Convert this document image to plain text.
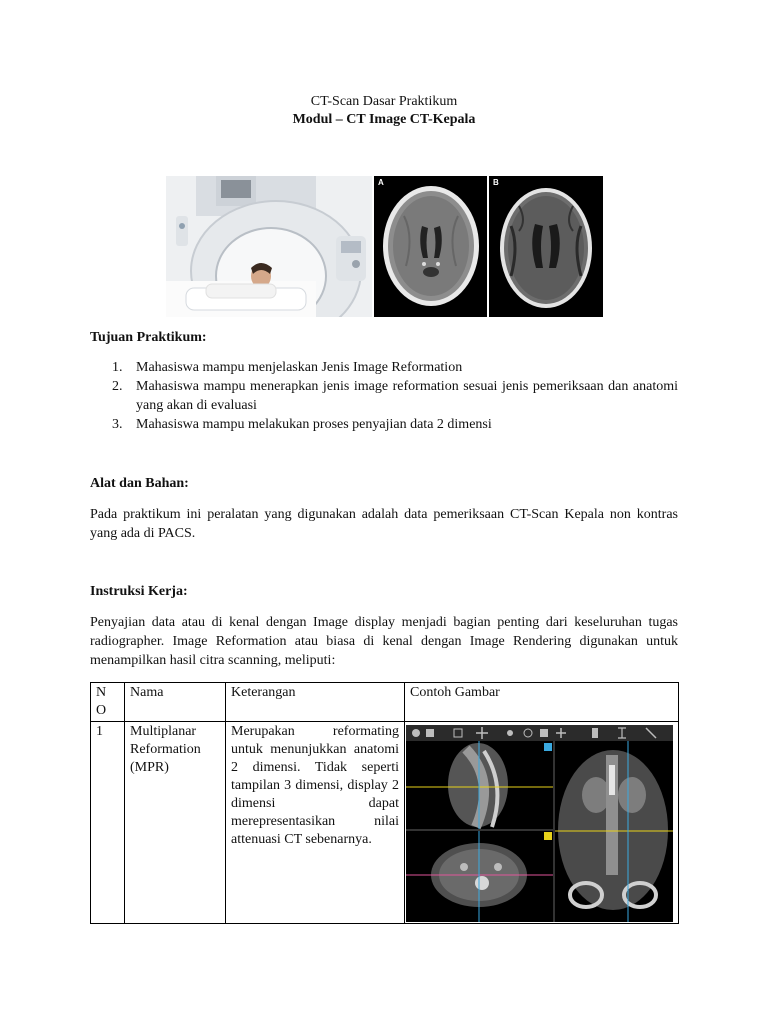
CT-Scan Dasar Praktikum
Modul – CT Image CT-Kepala
A	B
Tujuan Praktikum:
1. Mahasiswa mampu menjelaskan Jenis Image Reformation
2. Mahasiswa mampu menerapkan jenis image reformation sesuai jenis pemeriksaan dan anatomi yang akan di evaluasi
3. Mahasiswa mampu melakukan proses penyajian data 2 dimensi
Alat dan Bahan:
Pada praktikum ini peralatan yang digunakan adalah data pemeriksaan CT-Scan Kepala non kontras yang ada di PACS.
Instruksi Kerja:
Penyajian data atau di kenal dengan Image display menjadi bagian penting dari keseluruhan tugas radiographer. Image Reformation atau biasa di kenal dengan Image Rendering digunakan untuk menampilkan hasil citra scanning, meliputi:
N O	Nama	Keterangan	Contoh Gambar
1	Multiplanar Reformation (MPR)	Merupakan reformating untuk menunjukkan anatomi 2 dimensi. Tidak seperti tampilan 3 dimensi, display 2 dimensi dapat merepresentasikan nilai attenuasi CT sebenarnya.	
